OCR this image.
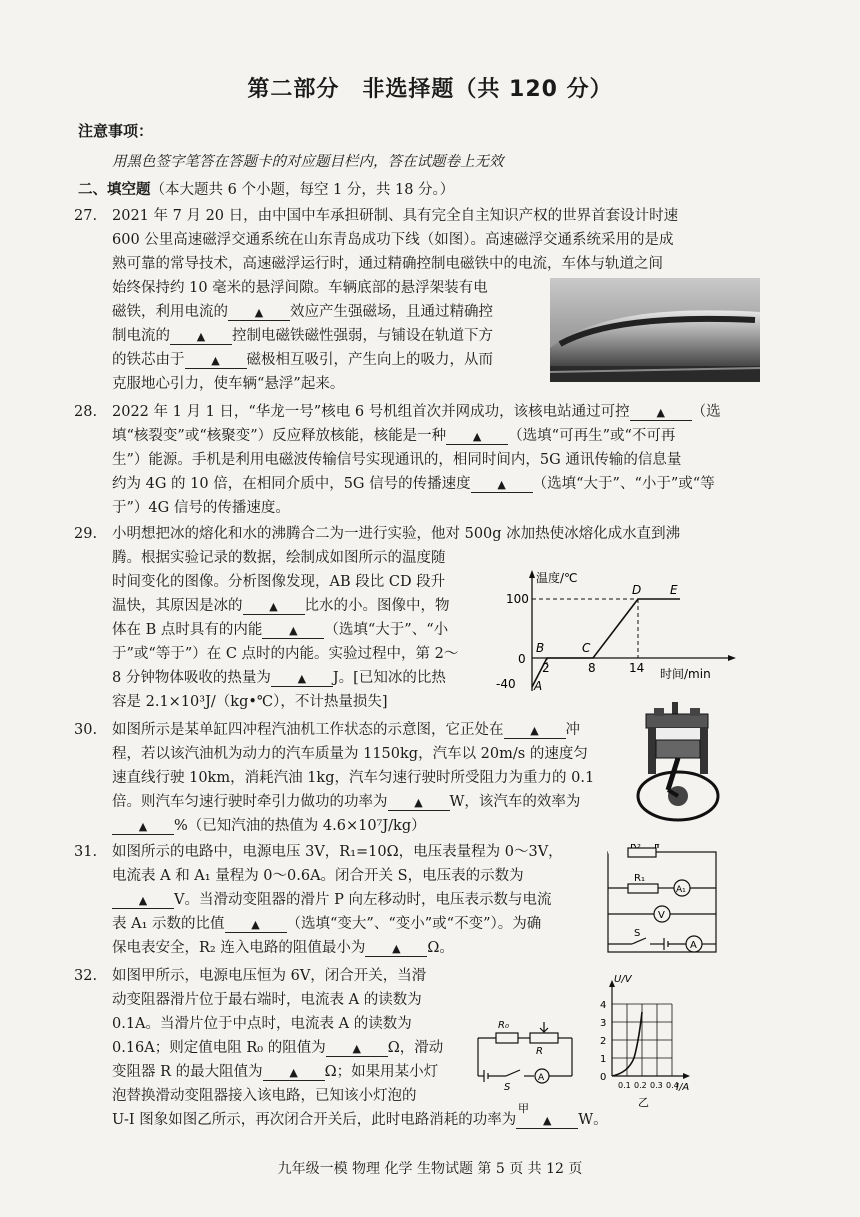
第二部分　非选择题（共 120 分）
注意事项：
用黑色签字笔答在答题卡的对应题目栏内，答在试题卷上无效
二、填空题（本大题共 6 个小题，每空 1 分，共 18 分。）
27. 2021 年 7 月 20 日，由中国中车承担研制、具有完全自主知识产权的世界首套设计时速
600 公里高速磁浮交通系统在山东青岛成功下线（如图）。高速磁浮交通系统采用的是成
熟可靠的常导技术，高速磁浮运行时，通过精确控制电磁铁中的电流，车体与轨道之间
始终保持约 10 毫米的悬浮间隙。车辆底部的悬浮架装有电
磁铁，利用电流的 ▲ 效应产生强磁场，且通过精确控
制电流的 ▲ 控制电磁铁磁性强弱，与铺设在轨道下方
的铁芯由于 ▲ 磁极相互吸引，产生向上的吸力，从而
克服地心引力，使车辆“悬浮”起来。
28. 2022 年 1 月 1 日，“华龙一号”核电 6 号机组首次并网成功，该核电站通过可控 ▲ （选
填“核裂变”或“核聚变”）反应释放核能，核能是一种 ▲ （选填“可再生”或“不可再
生”）能源。手机是利用电磁波传输信号实现通讯的，相同时间内，5G 通讯传输的信息量
约为 4G 的 10 倍，在相同介质中，5G 信号的传播速度 ▲ （选填“大于”、“小于”或“等
于”）4G 信号的传播速度。
29. 小明想把冰的熔化和水的沸腾合二为一进行实验，他对 500g 冰加热使冰熔化成水直到沸
腾。根据实验记录的数据，绘制成如图所示的温度随
时间变化的图像。分析图像发现，AB 段比 CD 段升
温快，其原因是冰的 ▲ 比水的小。图像中，物
体在 B 点时具有的内能 ▲ （选填“大于”、“小
于”或“等于”）在 C 点时的内能。实验过程中，第 2～
8 分钟物体吸收的热量为 ▲ J。[已知冰的比热
容是 2.1×10³J/（kg•℃），不计热量损失]
温度/℃
时间/min
100
0
-40
2	8	14
A
B	C
D E
30. 如图所示是某单缸四冲程汽油机工作状态的示意图，它正处在 ▲ 冲
程，若以该汽油机为动力的汽车质量为 1150kg，汽车以 20m/s 的速度匀
速直线行驶 10km，消耗汽油 1kg，汽车匀速行驶时所受阻力为重力的 0.1
倍。则汽车匀速行驶时牵引力做功的功率为 ▲ W，该汽车的效率为
▲ %（已知汽油的热值为 4.6×10⁷J/kg）
31. 如图所示的电路中，电源电压 3V，R₁=10Ω，电压表量程为 0～3V，
电流表 A 和 A₁ 量程为 0～0.6A。闭合开关 S，电压表的示数为
▲ V。当滑动变阻器的滑片 P 向左移动时，电压表示数与电流
表 A₁ 示数的比值 ▲ （选填“变大”、“变小”或“不变”）。为确
保电表安全，R₂ 连入电路的阻值最小为 ▲ Ω。
R₂ P
R₁
A₁
V
S
A
32. 如图甲所示，电源电压恒为 6V，闭合开关，当滑
动变阻器滑片位于最右端时，电流表 A 的读数为
0.1A。当滑片位于中点时，电流表 A 的读数为
0.16A；则定值电阻 R₀ 的阻值为 ▲ Ω，滑动
变阻器 R 的最大阻值为 ▲ Ω；如果用某小灯
泡替换滑动变阻器接入该电路，已知该小灯泡的
U-I 图象如图乙所示，再次闭合开关后，此时电路消耗的功率为 ▲ W。
R₀
R
S
A
甲
U/V
I/A
4
3
2
1
0
0.1 0.2 0.3 0.4
乙
九年级一模 物理 化学 生物试题 第 5 页 共 12 页
